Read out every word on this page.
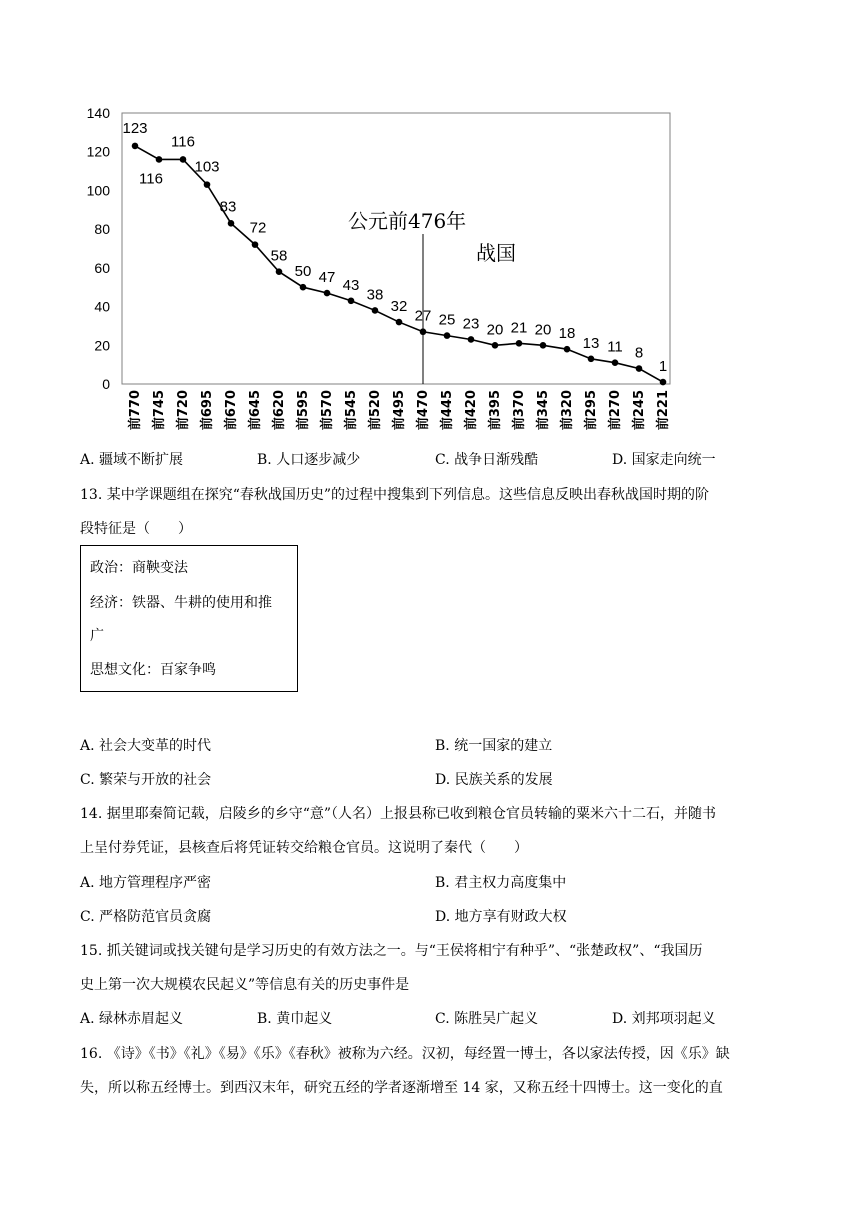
0
20
40
60
80
100
120
140
前770 前745 前720 前695 前670 前645 前620 前595 前570 前545 前520 前495 前470 前445 前420 前395 前370 前345 前320 前295 前270 前245 前221
123
116
116
103
83
72
58
50 47 43
38
32
27 25 23 20 21 20 18
13 11 8
1
公元前476年
战国
A. 疆域不断扩展	B. 人口逐步减少	C. 战争日渐残酷	D. 国家走向统一
13. 某中学课题组在探究“春秋战国历史”的过程中搜集到下列信息。这些信息反映出春秋战国时期的阶
段特征是（　　）
政治：商鞅变法
经济：铁器、牛耕的使用和推
广
思想文化：百家争鸣
A. 社会大变革的时代	B. 统一国家的建立
C. 繁荣与开放的社会	D. 民族关系的发展
14. 据里耶秦简记载，启陵乡的乡守“意”（人名）上报县称已收到粮仓官员转输的粟米六十二石，并随书
上呈付券凭证，县核查后将凭证转交给粮仓官员。这说明了秦代（　　）
A. 地方管理程序严密	B. 君主权力高度集中
C. 严格防范官员贪腐	D. 地方享有财政大权
15. 抓关键词或找关键句是学习历史的有效方法之一。与“王侯将相宁有种乎”、“张楚政权”、“我国历
史上第一次大规模农民起义”等信息有关的历史事件是
A. 绿林赤眉起义	B. 黄巾起义	C. 陈胜吴广起义	D. 刘邦项羽起义
16. 《诗》《书》《礼》《易》《乐》《春秋》被称为六经。汉初，每经置一博士，各以家法传授，因《乐》缺
失，所以称五经博士。到西汉末年，研究五经的学者逐渐增至 14 家，又称五经十四博士。这一变化的直
